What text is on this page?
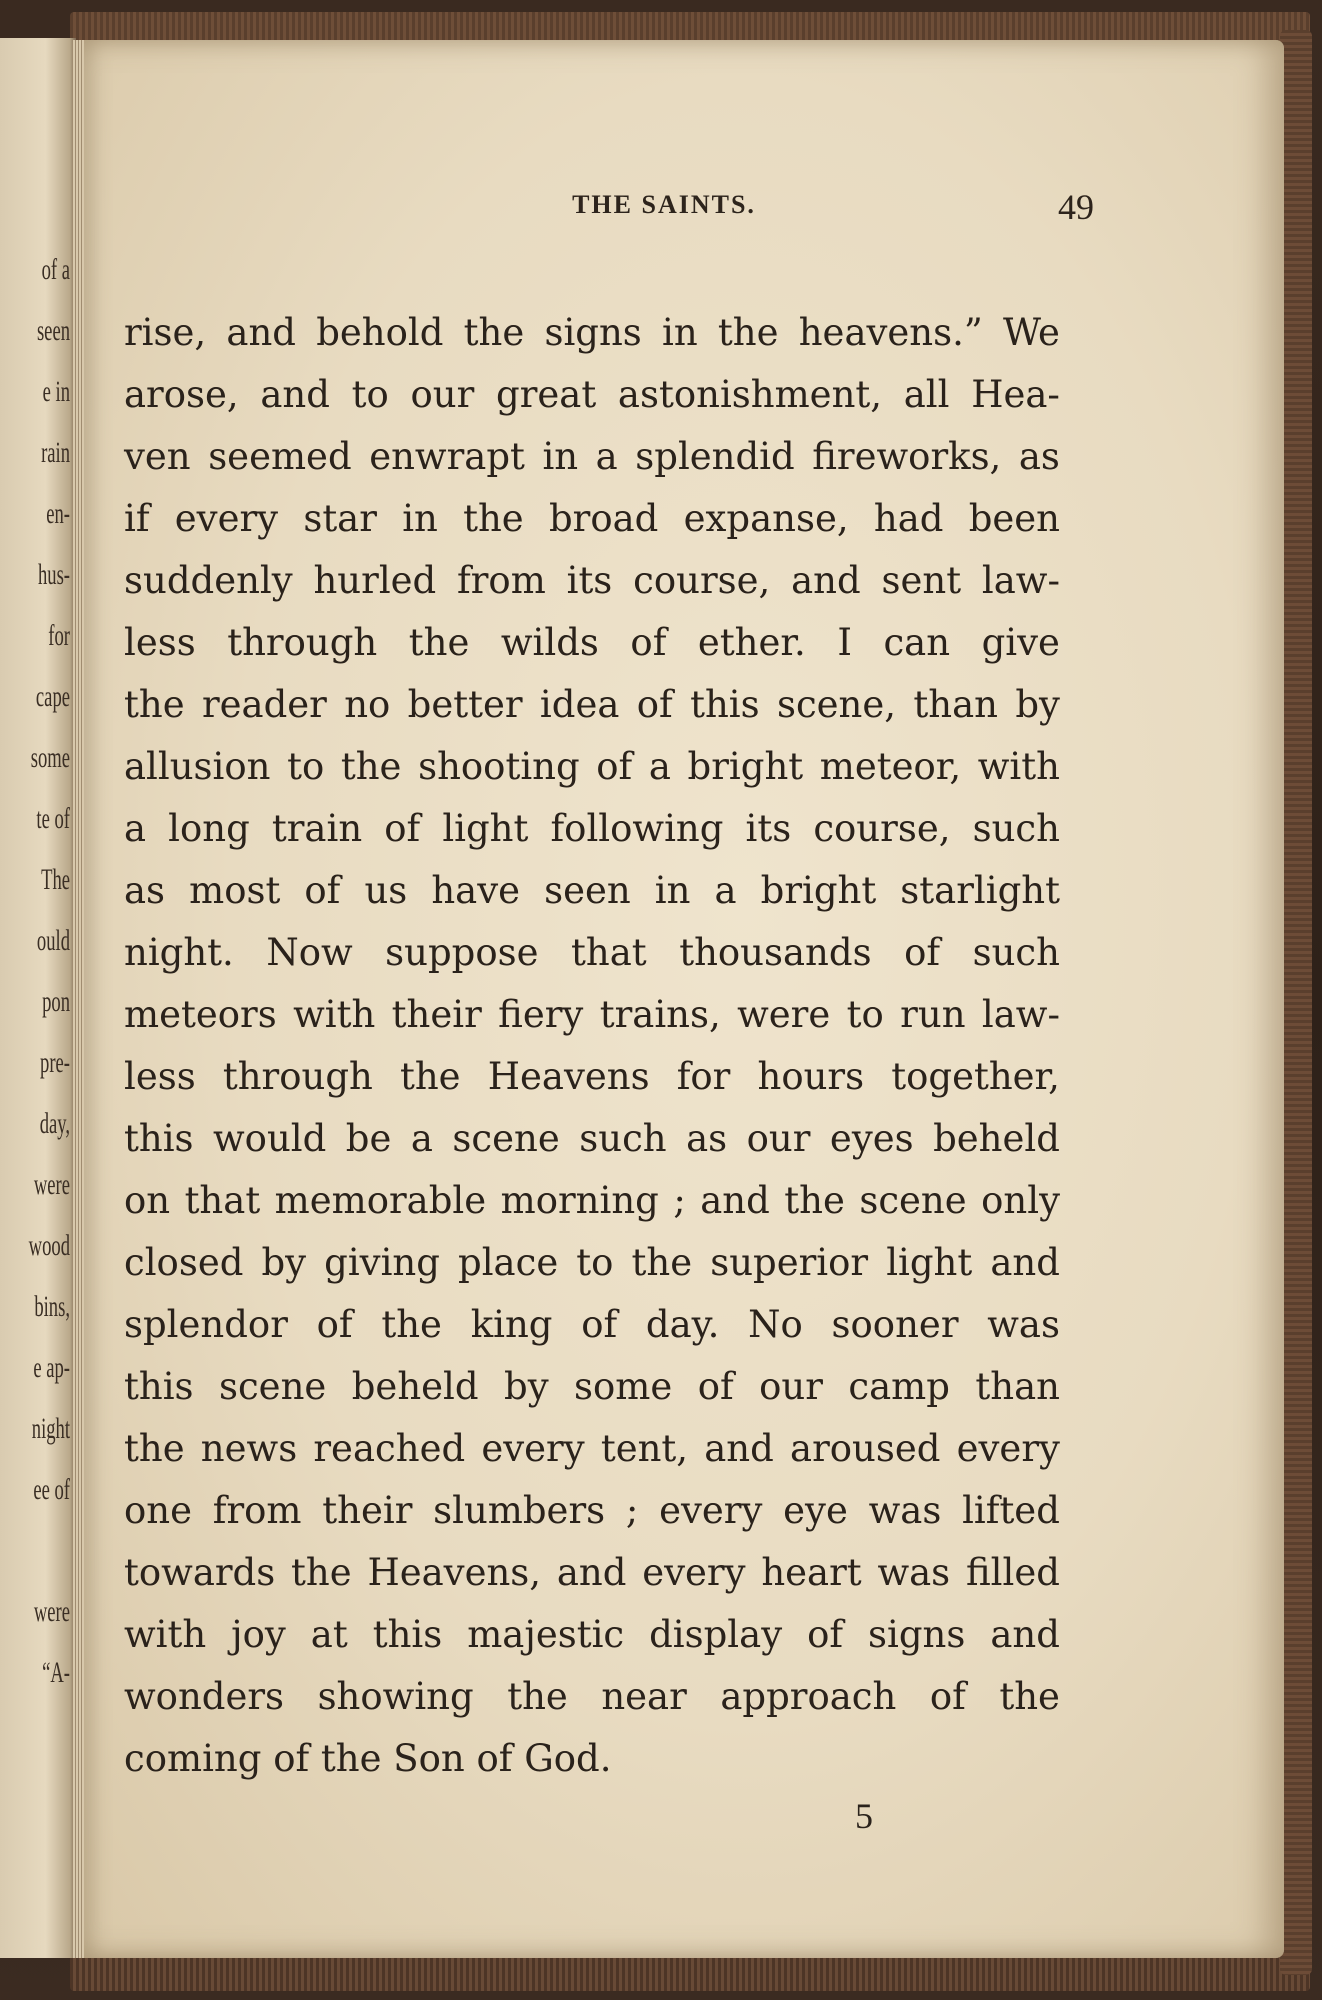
of a
seen
e in
rain
en-
hus-
for
cape
some
te of
The
ould
pon
pre-
day,
were
wood
bins,
e ap-
night
ee of
were
“A-
THE SAINTS.	49
rise, and behold the signs in the heavens.” We
arose, and to our great astonishment, all Hea-
ven seemed enwrapt in a splendid fireworks, as
if every star in the broad expanse, had been
suddenly hurled from its course, and sent law-
less through the wilds of ether. I can give
the reader no better idea of this scene, than by
allusion to the shooting of a bright meteor, with
a long train of light following its course, such
as most of us have seen in a bright starlight
night. Now suppose that thousands of such
meteors with their fiery trains, were to run law-
less through the Heavens for hours together,
this would be a scene such as our eyes beheld
on that memorable morning ; and the scene only
closed by giving place to the superior light and
splendor of the king of day. No sooner was
this scene beheld by some of our camp than
the news reached every tent, and aroused every
one from their slumbers ; every eye was lifted
towards the Heavens, and every heart was filled
with joy at this majestic display of signs and
wonders showing the near approach of the
coming of the Son of God.
5
